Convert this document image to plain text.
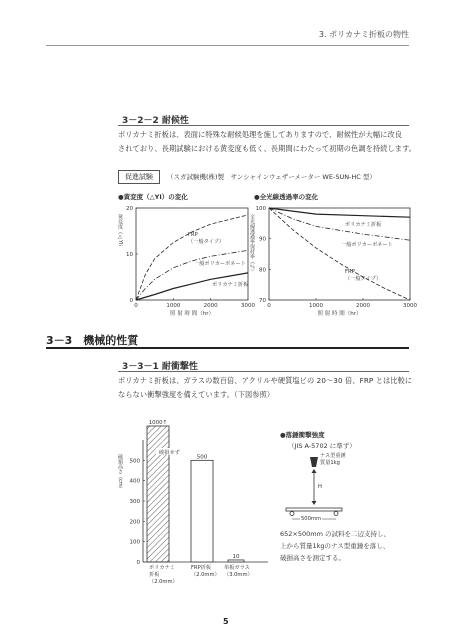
3. ポリカナミ折板の物性
3－2－2 耐候性
ポリカナミ折板は、表面に特殊な耐候処理を施してありますので、耐候性が大幅に改良
されており、長期試験における黄変度も低く、長期間にわたって初期の色調を持続します。
促進試験	（スガ試験機(株)製　サンシャインウェザーメーター WE-SUN-HC 型）
●黄変度（△YI）の変化
0	1000	2000	3000
0
10
20
照 射 時 間（hr）
黄変度（△YI）	FRP
（一般タイプ）
一般ポリカーボネート
ポリカナミ折板
●全光線透過率の変化
0	1000	2000	3000
70
80
90
100
照 射 時 間（hr）
全光線透過率保持率（％）	ポリカナミ折板
一般ポリカーボネート
FRP
（一般タイプ）
3－3　機械的性質
3－3－1 耐衝撃性
ポリカナミ折板は、ガラスの数百倍、アクリルや硬質塩ビの 20～30 倍、FRP とは比較に
ならない衝撃強度を備えています。（下図参照）
0
100
200
300
400
500
破損高さ（cm）
1000↑
500
10
破損せず
ポリカナミ
折板
（2.0mm）
FRP折板
（2.0mm）
単板ガラス
（3.0mm）
●落錘衝撃強度
（JIS A-5702 に準ず）
ナス型重錘
質量1kg
H
500mm
652×500mm の試料を二辺支持し、
上から質量1kgのナス型重錘を落し、
破損高さを測定する。
5
